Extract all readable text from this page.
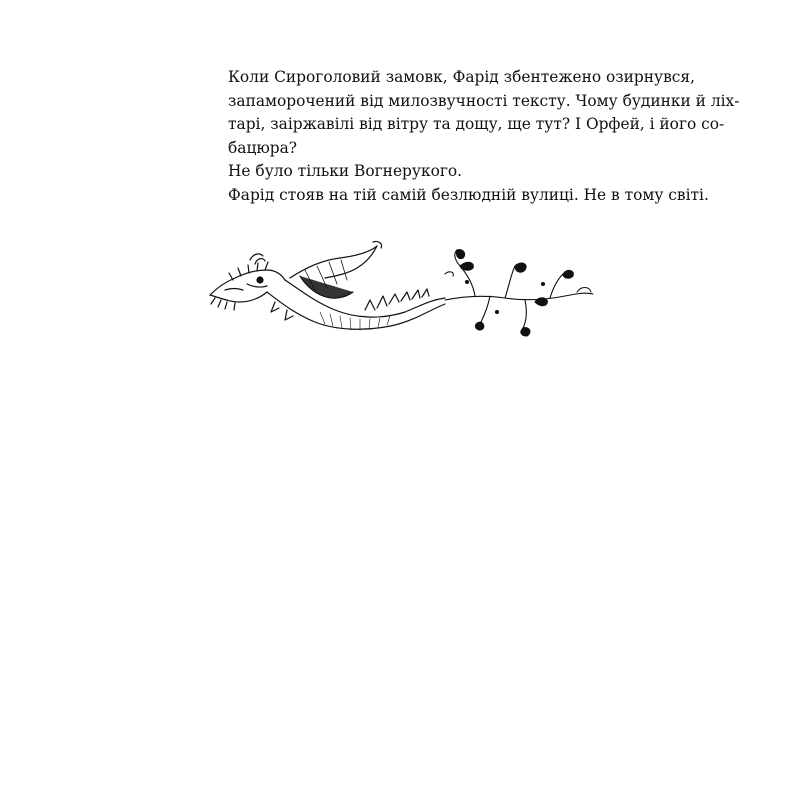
Коли Сироголовий замовк, Фарід збентежено озирнувся,
запаморочений від милозвучності тексту. Чому будинки й ліх-
тарі, заіржавілі від вітру та дощу, ще тут? І Орфей, і його со-
бацюра?

Не було тільки Вогнерукого.

Фарід стояв на тій самій безлюдній вулиці. Не в тому світі.
